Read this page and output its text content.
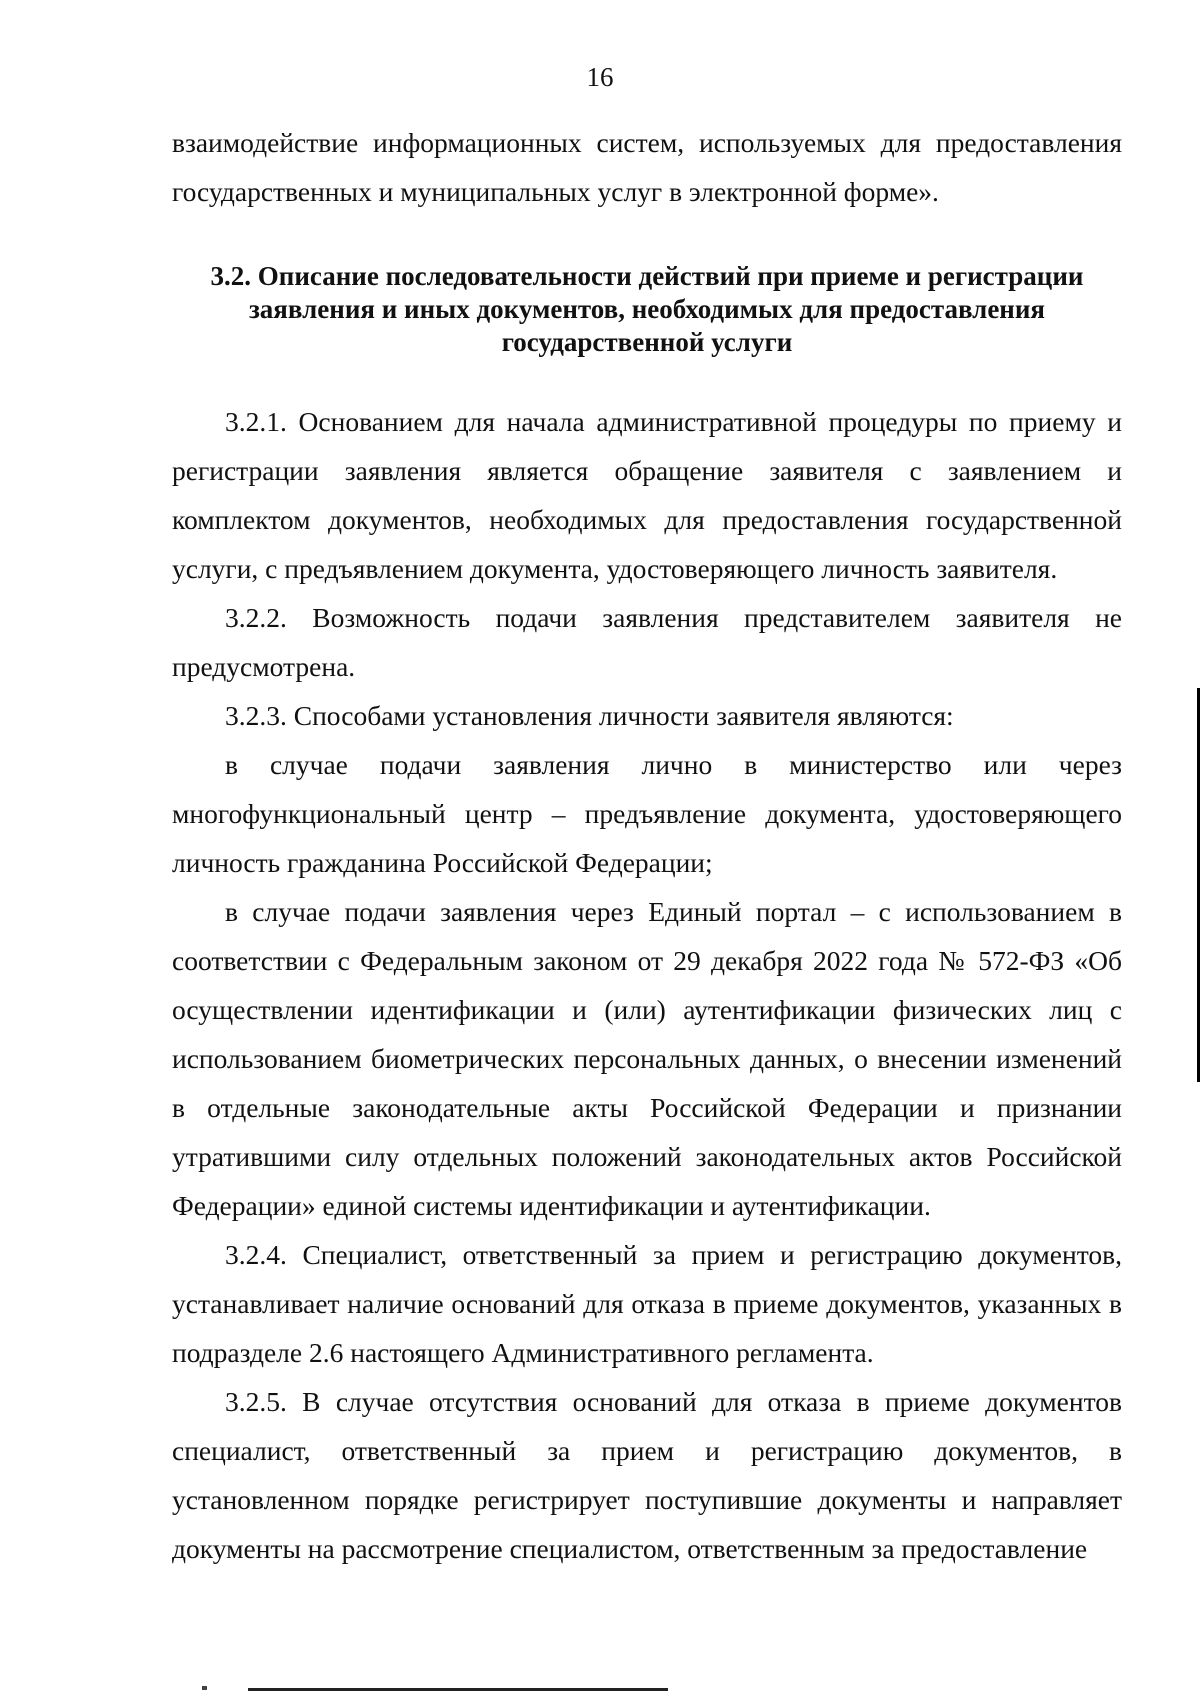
16

взаимодействие информационных систем, используемых для предоставления государственных и муниципальных услуг в электронной форме».

3.2. Описание последовательности действий при приеме и регистрации
заявления и иных документов, необходимых для предоставления
государственной услуги

3.2.1. Основанием для начала административной процедуры по приему и регистрации заявления является обращение заявителя с заявлением и комплектом документов, необходимых для предоставления государственной услуги, с предъявлением документа, удостоверяющего личность заявителя.

3.2.2. Возможность подачи заявления представителем заявителя не предусмотрена.

3.2.3. Способами установления личности заявителя являются:

в случае подачи заявления лично в министерство или через многофункциональный центр – предъявление документа, удостоверяющего личность гражданина Российской Федерации;

в случае подачи заявления через Единый портал – с использованием в соответствии с Федеральным законом от 29 декабря 2022 года № 572-ФЗ «Об осуществлении идентификации и (или) аутентификации физических лиц с использованием биометрических персональных данных, о внесении изменений в отдельные законодательные акты Российской Федерации и признании утратившими силу отдельных положений законодательных актов Российской Федерации» единой системы идентификации и аутентификации.

3.2.4. Специалист, ответственный за прием и регистрацию документов, устанавливает наличие оснований для отказа в приеме документов, указанных в подразделе 2.6 настоящего Административного регламента.

3.2.5. В случае отсутствия оснований для отказа в приеме документов специалист, ответственный за прием и регистрацию документов, в установленном порядке регистрирует поступившие документы и направляет документы на рассмотрение специалистом, ответственным за предоставление
